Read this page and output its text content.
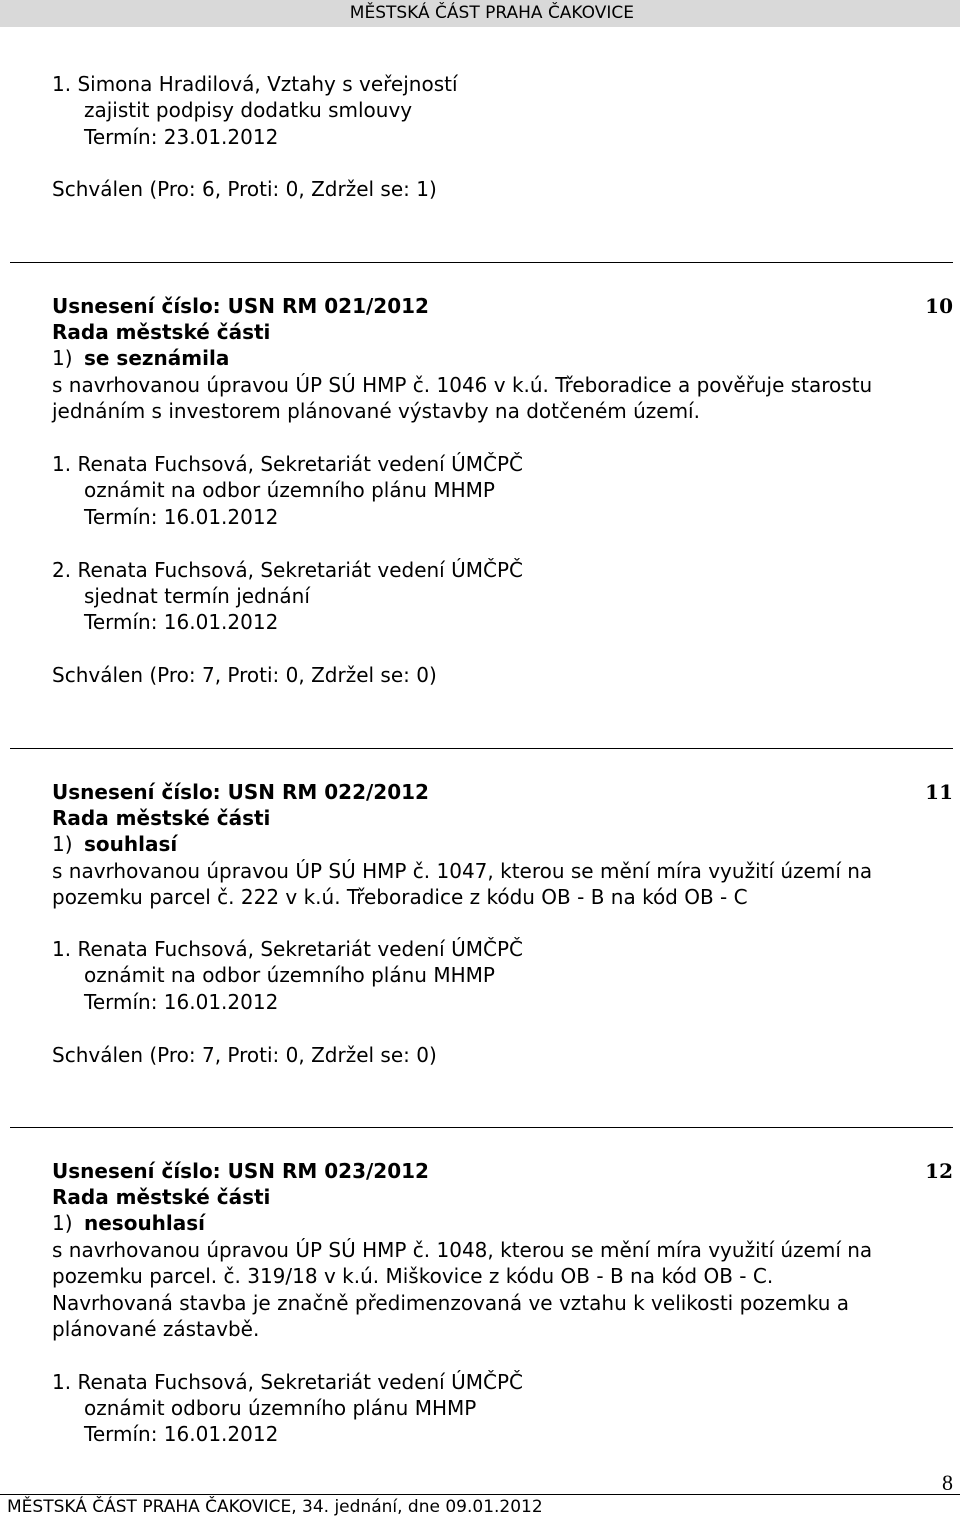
MĚSTSKÁ ČÁST PRAHA ČAKOVICE
1. Simona Hradilová, Vztahy s veřejností
zajistit podpisy dodatku smlouvy
Termín: 23.01.2012
Schválen (Pro: 6, Proti: 0, Zdržel se: 1)
Usnesení číslo: USN RM 021/2012	10
Rada městské části
1) se seznámila
s navrhovanou úpravou ÚP SÚ HMP č. 1046 v k.ú. Třeboradice a pověřuje starostu
jednáním s investorem plánované výstavby na dotčeném území.
1. Renata Fuchsová, Sekretariát vedení ÚMČPČ
oznámit na odbor územního plánu MHMP
Termín: 16.01.2012
2. Renata Fuchsová, Sekretariát vedení ÚMČPČ
sjednat termín jednání
Termín: 16.01.2012
Schválen (Pro: 7, Proti: 0, Zdržel se: 0)
Usnesení číslo: USN RM 022/2012	11
Rada městské části
1) souhlasí
s navrhovanou úpravou ÚP SÚ HMP č. 1047, kterou se mění míra využití území na
pozemku parcel č. 222 v k.ú. Třeboradice z kódu OB - B na kód OB - C
1. Renata Fuchsová, Sekretariát vedení ÚMČPČ
oznámit na odbor územního plánu MHMP
Termín: 16.01.2012
Schválen (Pro: 7, Proti: 0, Zdržel se: 0)
Usnesení číslo: USN RM 023/2012	12
Rada městské části
1) nesouhlasí
s navrhovanou úpravou ÚP SÚ HMP č. 1048, kterou se mění míra využití území na
pozemku parcel. č. 319/18 v k.ú. Miškovice z kódu OB - B na kód OB - C.
Navrhovaná stavba je značně předimenzovaná ve vztahu k velikosti pozemku a
plánované zástavbě.
1. Renata Fuchsová, Sekretariát vedení ÚMČPČ
oznámit odboru územního plánu MHMP
Termín: 16.01.2012
8
MĚSTSKÁ ČÁST PRAHA ČAKOVICE, 34. jednání, dne 09.01.2012
